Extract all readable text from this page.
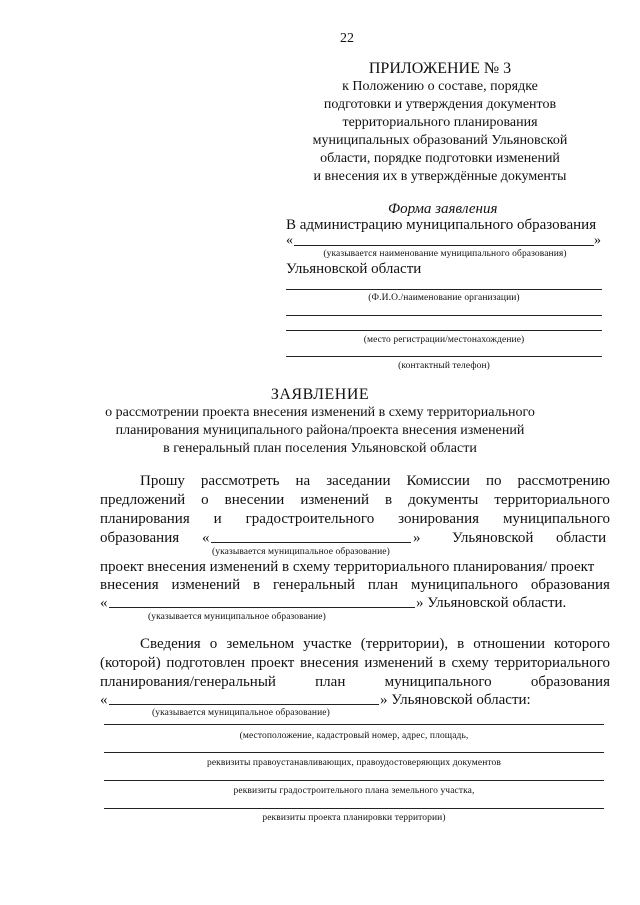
22
ПРИЛОЖЕНИЕ № 3
к Положению о составе, порядке
подготовки и утверждения документов
территориального планирования
муниципальных образований Ульяновской
области, порядке подготовки изменений
и внесения их в утверждённые документы
Форма заявления
В администрацию муниципального образования
«	»
(указывается наименование муниципального образования)
Ульяновской области
(Ф.И.О./наименование организации)
(место регистрации/местонахождение)
(контактный телефон)
ЗАЯВЛЕНИЕ
о рассмотрении проекта внесения изменений в схему территориального
планирования муниципального района/проекта внесения изменений
в генеральный план поселения Ульяновской области
Прошу рассмотреть на заседании Комиссии по рассмотрению
предложений о внесении изменений в документы территориального
планирования и градостроительного зонирования муниципального
образования «	» Ульяновской области
(указывается муниципальное образование)
проект внесения изменений в схему территориального планирования/ проект
внесения изменений в генеральный план муниципального образования
«	» Ульяновской области.
(указывается муниципальное образование)
Сведения о земельном участке (территории), в отношении которого
(которой) подготовлен проект внесения изменений в схему территориального
планирования/генеральный	план	муниципального	образования
«	» Ульяновской области:
(указывается муниципальное образование)
(местоположение, кадастровый номер, адрес, площадь,
реквизиты правоустанавливающих, правоудостоверяющих документов
реквизиты градостроительного плана земельного участка,
реквизиты проекта планировки территории)
